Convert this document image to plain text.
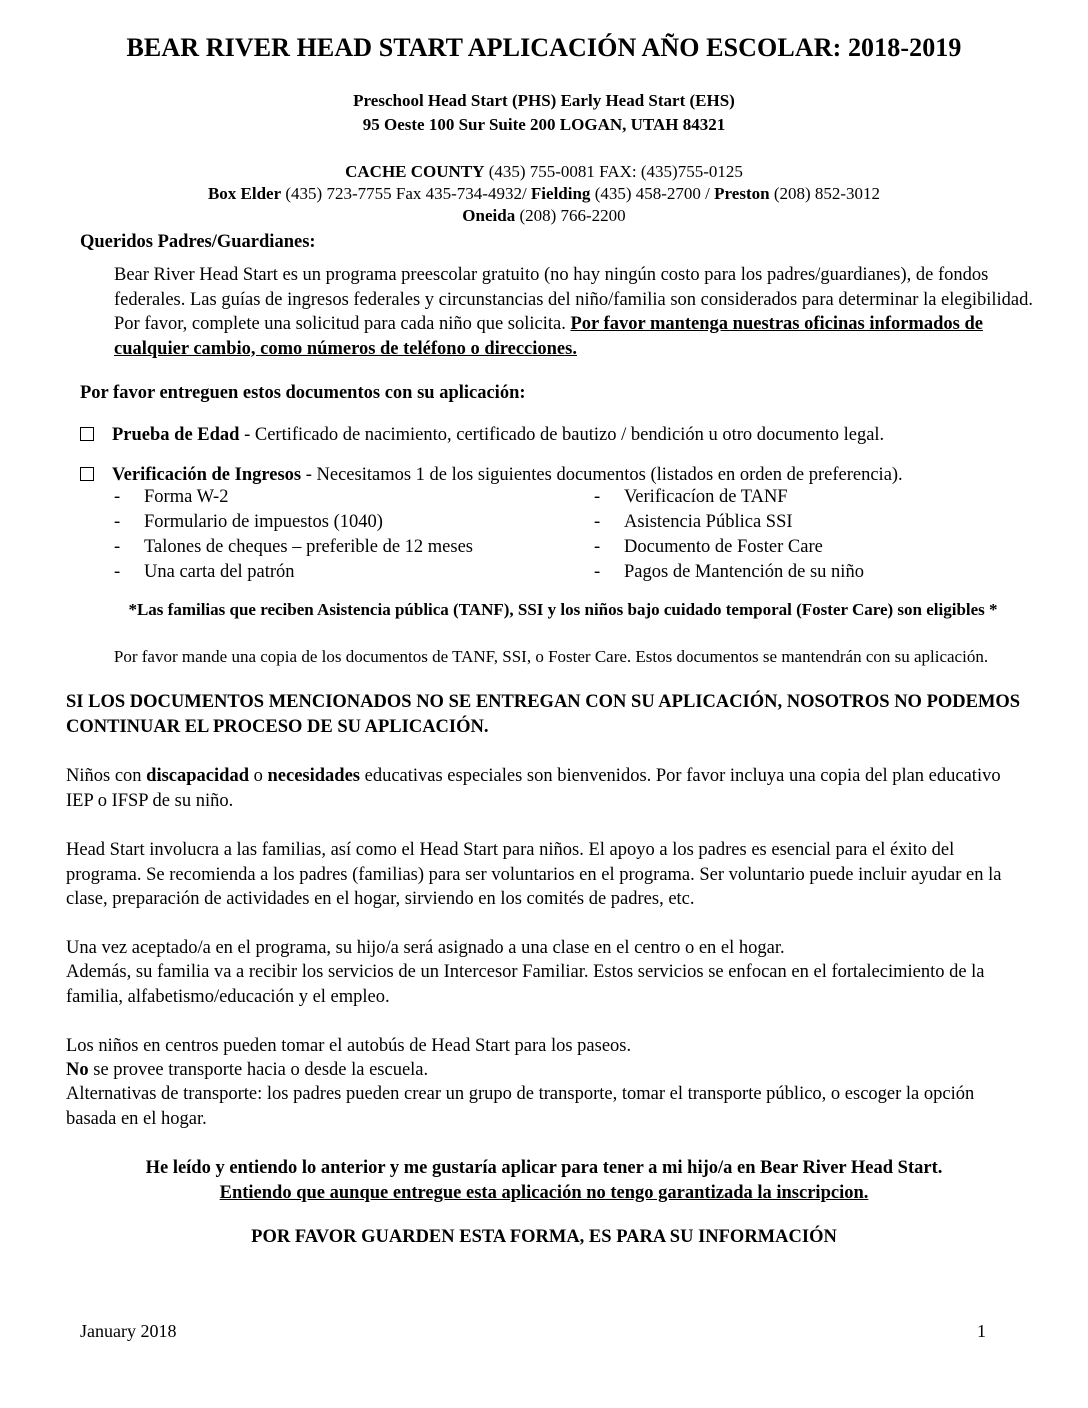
BEAR RIVER HEAD START APLICACIÓN AÑO ESCOLAR: 2018-2019
Preschool Head Start (PHS) Early Head Start (EHS)
95 Oeste 100 Sur Suite 200 LOGAN, UTAH 84321
CACHE COUNTY (435) 755-0081 FAX: (435)755-0125
Box Elder (435) 723-7755 Fax 435-734-4932/ Fielding (435) 458-2700 / Preston (208) 852-3012
Oneida (208) 766-2200
Queridos Padres/Guardianes:
Bear River Head Start es un programa preescolar gratuito (no hay ningún costo para los padres/guardianes), de fondos federales. Las guías de ingresos federales y circunstancias del niño/familia son considerados para determinar la elegibilidad. Por favor, complete una solicitud para cada niño que solicita. Por favor mantenga nuestras oficinas informados de cualquier cambio, como números de teléfono o direcciones.
Por favor entreguen estos documentos con su aplicación:
Prueba de Edad - Certificado de nacimiento, certificado de bautizo / bendición u otro documento legal.
Verificación de Ingresos - Necesitamos 1 de los siguientes documentos (listados en orden de preferencia).
- Forma W-2
- Formulario de impuestos (1040)
- Talones de cheques – preferible de 12 meses
- Una carta del patrón
- Verificacíon de TANF
- Asistencia Pública SSI
- Documento de Foster Care
- Pagos de Mantención de su niño
*Las familias que reciben Asistencia pública (TANF), SSI y los niños bajo cuidado temporal (Foster Care) son eligibles *
Por favor mande una copia de los documentos de TANF, SSI, o Foster Care. Estos documentos se mantendrán con su aplicación.
SI LOS DOCUMENTOS MENCIONADOS NO SE ENTREGAN CON SU APLICACIÓN, NOSOTROS NO PODEMOS CONTINUAR EL PROCESO DE SU APLICACIÓN.
Niños con discapacidad o necesidades educativas especiales son bienvenidos. Por favor incluya una copia del plan educativo IEP o IFSP de su niño.
Head Start involucra a las familias, así como el Head Start para niños. El apoyo a los padres es esencial para el éxito del programa. Se recomienda a los padres (familias) para ser voluntarios en el programa. Ser voluntario puede incluir ayudar en la clase, preparación de actividades en el hogar, sirviendo en los comités de padres, etc.
Una vez aceptado/a en el programa, su hijo/a será asignado a una clase en el centro o en el hogar.
Además, su familia va a recibir los servicios de un Intercesor Familiar. Estos servicios se enfocan en el fortalecimiento de la familia, alfabetismo/educación y el empleo.
Los niños en centros pueden tomar el autobús de Head Start para los paseos.
No se provee transporte hacia o desde la escuela.
Alternativas de transporte: los padres pueden crear un grupo de transporte, tomar el transporte público, o escoger la opción basada en el hogar.
He leído y entiendo lo anterior y me gustaría aplicar para tener a mi hijo/a en Bear River Head Start.
Entiendo que aunque entregue esta aplicación no tengo garantizada la inscripcion.
POR FAVOR GUARDEN ESTA FORMA, ES PARA SU INFORMACIÓN
January 2018	1
